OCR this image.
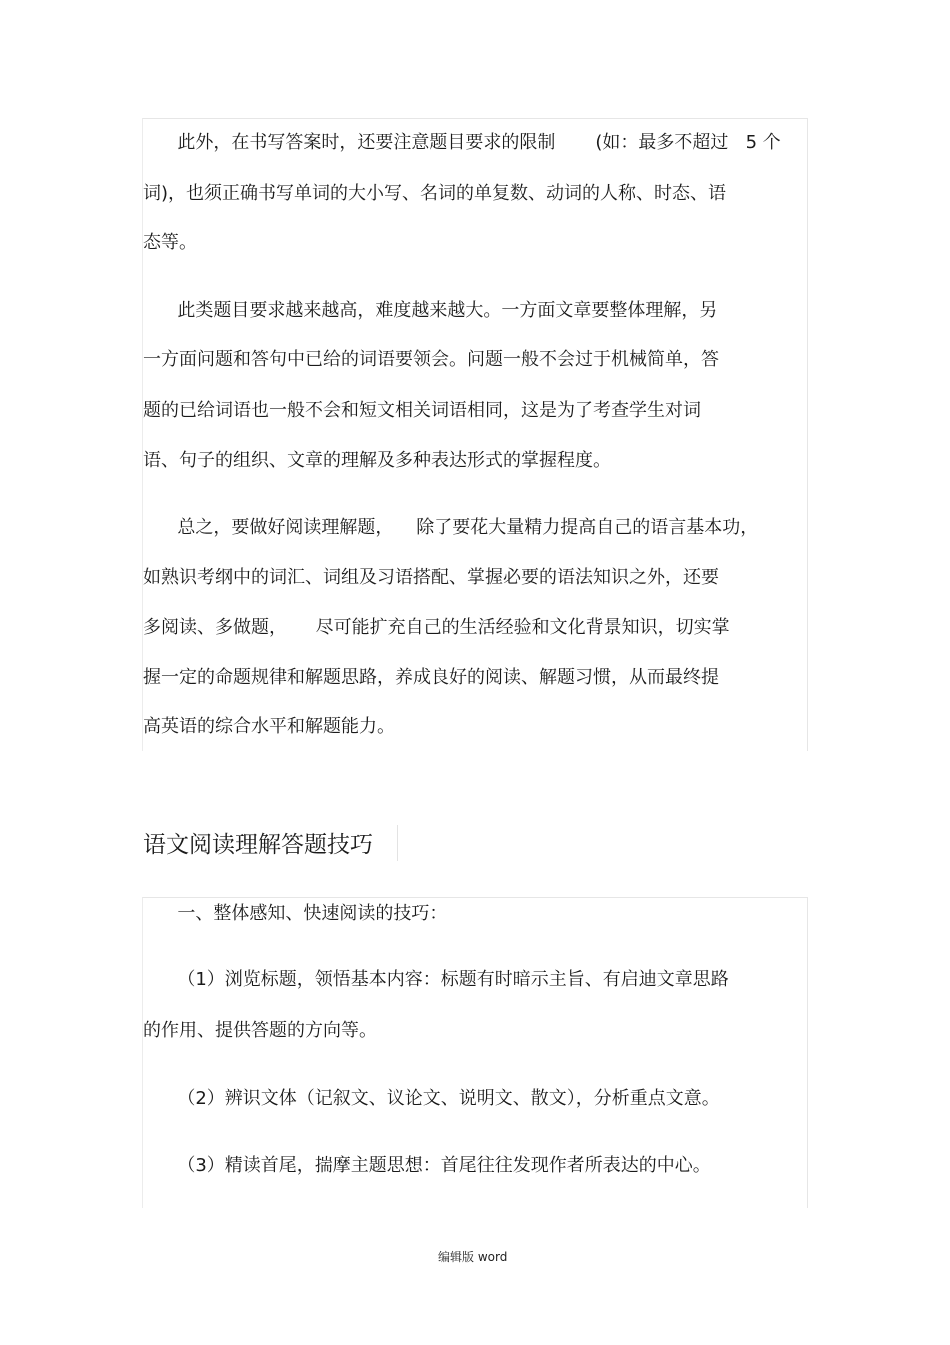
此外，在书写答案时，还要注意题目要求的限制       (如：最多不超过   5 个
词)，也须正确书写单词的大小写、名词的单复数、动词的人称、时态、语
态等。
此类题目要求越来越高，难度越来越大。一方面文章要整体理解，另
一方面问题和答句中已给的词语要领会。问题一般不会过于机械简单，答
题的已给词语也一般不会和短文相关词语相同，这是为了考查学生对词
语、句子的组织、文章的理解及多种表达形式的掌握程度。
总之，要做好阅读理解题，    除了要花大量精力提高自己的语言基本功，
如熟识考纲中的词汇、词组及习语搭配、掌握必要的语法知识之外，还要
多阅读、多做题，     尽可能扩充自己的生活经验和文化背景知识，切实掌
握一定的命题规律和解题思路，养成良好的阅读、解题习惯，从而最终提
高英语的综合水平和解题能力。
语文阅读理解答题技巧
一、整体感知、快速阅读的技巧：
（1）浏览标题，领悟基本内容：标题有时暗示主旨、有启迪文章思路
的作用、提供答题的方向等。
（2）辨识文体（记叙文、议论文、说明文、散文），分析重点文意。
（3）精读首尾，揣摩主题思想：首尾往往发现作者所表达的中心。
编辑版 word
